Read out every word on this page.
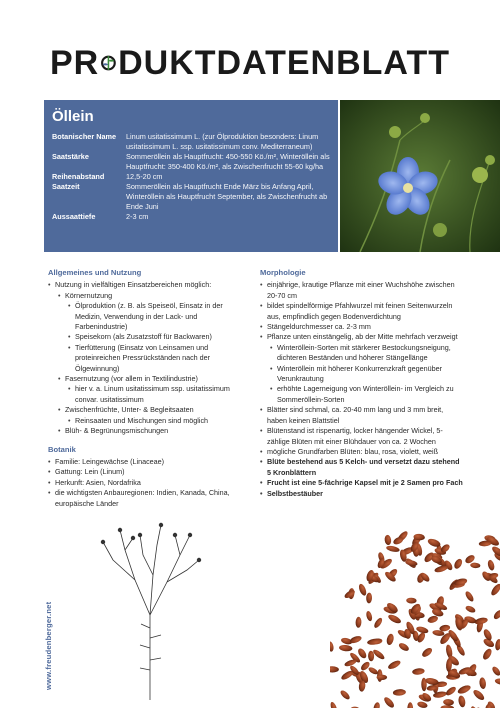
PR DUKTDATENBLATT
Öllein
Botanischer Name	Linum usitatissimum L. (zur Ölproduktion besonders: Linum usitatissimum L. ssp. usitatissimum conv. Mediterraneum)
Saatstärke	Sommeröllein als Hauptfrucht: 450-550 Kö./m², Winteröllein als Hauptfrucht: 350-400 Kö./m², als Zwischenfrucht 55-60 kg/ha
Reihenabstand	12,5-20 cm
Saatzeit	Sommeröllein als Hauptfrucht Ende März bis Anfang April, Winteröllein als Hauptfrucht September, als Zwischenfrucht ab Ende Juni
Aussaattiefe	2-3 cm
Allgemeines und Nutzung
• Nutzung in vielfältigen Einsatzbereichen möglich:
• Körnernutzung
• Ölproduktion (z. B. als Speiseöl, Einsatz in der Medizin, Verwendung in der Lack- und Farbenindustrie)
• Speisekorn (als Zusatzstoff für Backwaren)
• Tierfütterung (Einsatz von Leinsamen und proteinreichen Pressrückständen nach der Ölgewinnung)
• Fasernutzung (vor allem in Textilindustrie)
• hier v. a. Linum usitatissimum ssp. usitatissimum convar. usitatissimum
• Zwischenfrüchte, Unter- & Begleitsaaten
• Reinsaaten und Mischungen sind möglich
• Blüh- & Begrünungsmischungen
Botanik
• Familie: Leingewächse (Linaceae)
• Gattung: Lein (Linum)
• Herkunft: Asien, Nordafrika
• die wichtigsten Anbauregionen: Indien, Kanada, China, europäische Länder
Morphologie
• einjährige, krautige Pflanze mit einer Wuchshöhe zwischen 20-70 cm
• bildet spindelförmige Pfahlwurzel mit feinen Seitenwurzeln aus, empfindlich gegen Bodenverdichtung
• Stängeldurchmesser ca. 2-3 mm
• Pflanze unten einstängelig, ab der Mitte mehrfach verzweigt
• Winteröllein-Sorten mit stärkerer Bestockungsneigung, dichteren Beständen und höherer Stängellänge
• Winteröllein mit höherer Konkurrenzkraft gegenüber Verunkrautung
• erhöhte Lagerneigung von Winteröllein- im Vergleich zu Sommeröllein-Sorten
• Blätter sind schmal, ca. 20-40 mm lang und 3 mm breit, haben keinen Blattstiel
• Blütenstand ist rispenartig, locker hängender Wickel, 5-zählige Blüten mit einer Blühdauer von ca. 2 Wochen
• mögliche Grundfarben Blüten: blau, rosa, violett, weiß
• Blüte bestehend aus 5 Kelch- und versetzt dazu stehend 5 Kronblättern
• Frucht ist eine 5-fächrige Kapsel mit je 2 Samen pro Fach
• Selbstbestäuber
www.freudenberger.net
